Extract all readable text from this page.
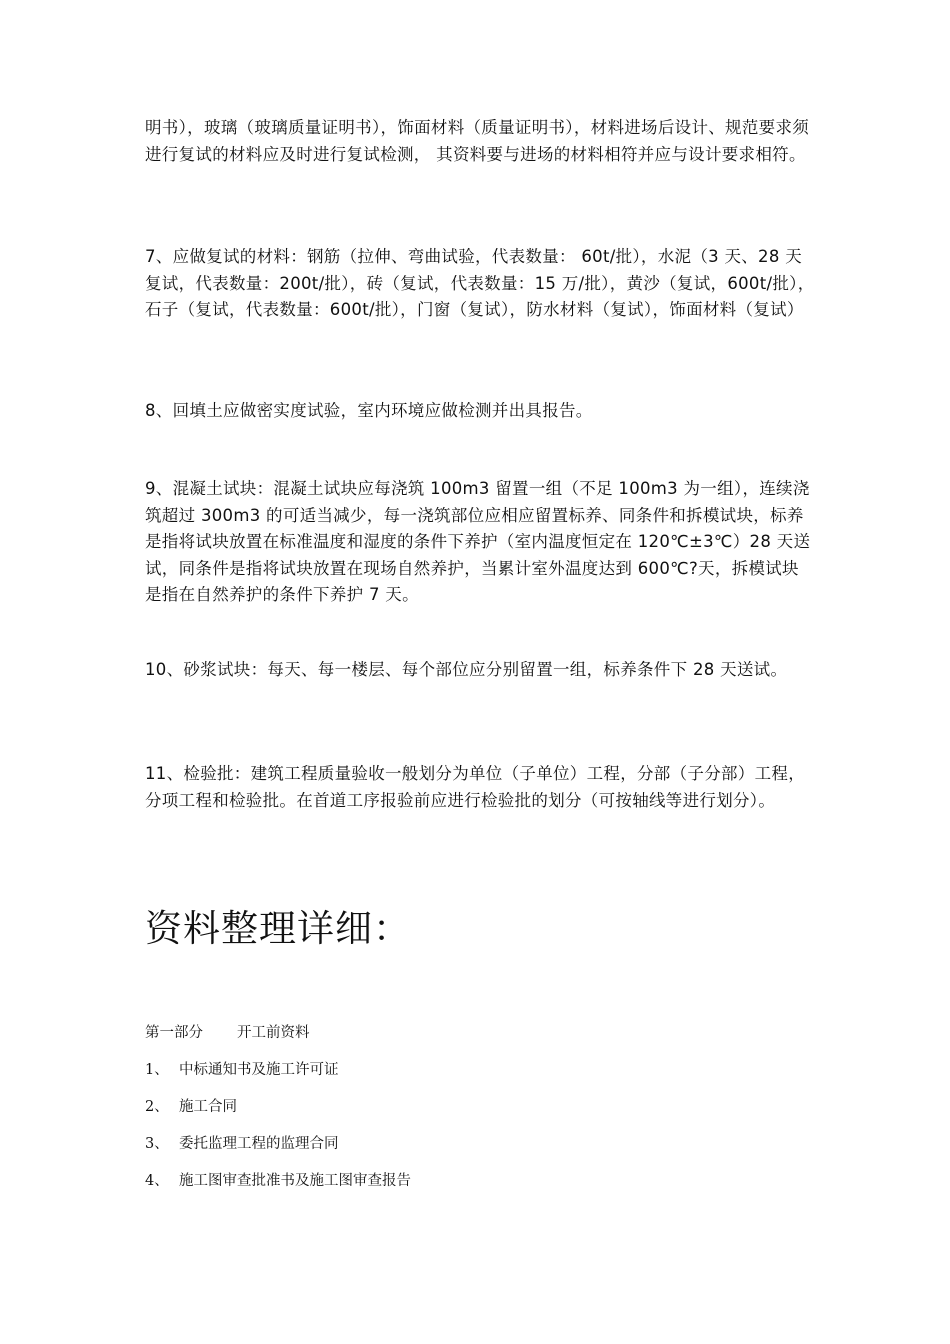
明书），玻璃（玻璃质量证明书），饰面材料（质量证明书），材料进场后设计、规范要求须进行复试的材料应及时进行复试检测， 其资料要与进场的材料相符并应与设计要求相符。

7、应做复试的材料：钢筋（拉伸、弯曲试验，代表数量： 60t/批），水泥（3 天、28 天复试，代表数量：200t/批），砖（复试，代表数量：15 万/批），黄沙（复试，600t/批），石子（复试，代表数量：600t/批），门窗（复试），防水材料（复试），饰面材料（复试）

8、回填土应做密实度试验，室内环境应做检测并出具报告。

9、混凝土试块：混凝土试块应每浇筑 100m3 留置一组（不足 100m3 为一组），连续浇筑超过 300m3 的可适当减少，每一浇筑部位应相应留置标养、同条件和拆模试块，标养是指将试块放置在标准温度和湿度的条件下养护（室内温度恒定在 120℃±3℃）28 天送试，同条件是指将试块放置在现场自然养护，当累计室外温度达到 600℃?天，拆模试块是指在自然养护的条件下养护 7 天。

10、砂浆试块：每天、每一楼层、每个部位应分别留置一组，标养条件下 28 天送试。

11、检验批：建筑工程质量验收一般划分为单位（子单位）工程，分部（子分部）工程，分项工程和检验批。在首道工序报验前应进行检验批的划分（可按轴线等进行划分）。

资料整理详细：
第一部分 开工前资料
1、 中标通知书及施工许可证
2、 施工合同
3、 委托监理工程的监理合同
4、 施工图审查批准书及施工图审查报告
